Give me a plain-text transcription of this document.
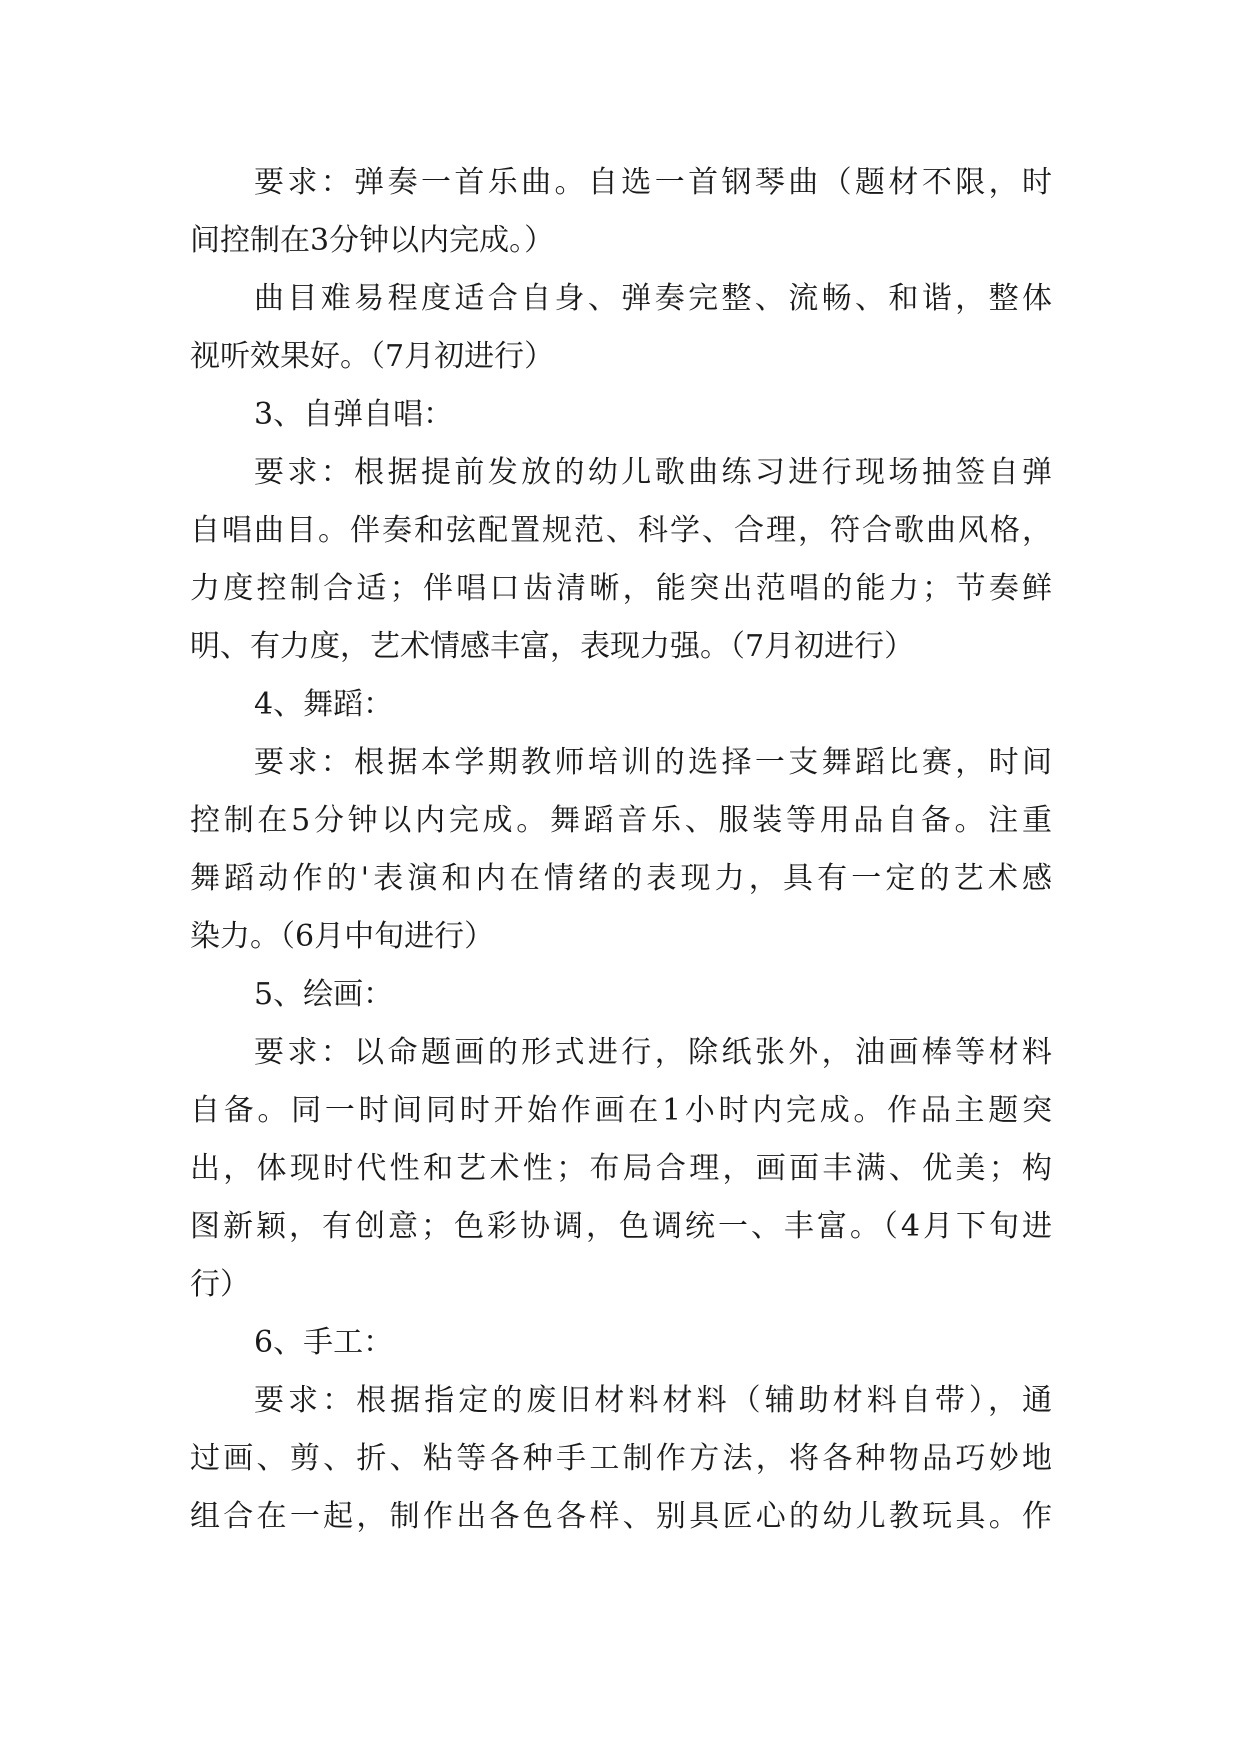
要求：弹奏一首乐曲。自选一首钢琴曲（题材不限，时
间控制在3分钟以内完成。）
曲目难易程度适合自身、弹奏完整、流畅、和谐，整体
视听效果好。（7月初进行）
3、自弹自唱：
要求：根据提前发放的幼儿歌曲练习进行现场抽签自弹
自唱曲目。伴奏和弦配置规范、科学、合理，符合歌曲风格，
力度控制合适；伴唱口齿清晰，能突出范唱的能力；节奏鲜
明、有力度，艺术情感丰富，表现力强。（7月初进行）
4、舞蹈：
要求：根据本学期教师培训的选择一支舞蹈比赛，时间
控制在5分钟以内完成。舞蹈音乐、服装等用品自备。注重
舞蹈动作的'表演和内在情绪的表现力，具有一定的艺术感
染力。（6月中旬进行）
5、绘画：
要求：以命题画的形式进行，除纸张外，油画棒等材料
自备。同一时间同时开始作画在1小时内完成。作品主题突
出，体现时代性和艺术性；布局合理，画面丰满、优美；构
图新颖，有创意；色彩协调，色调统一、丰富。（4月下旬进
行）
6、手工：
要求：根据指定的废旧材料材料（辅助材料自带），通
过画、剪、折、粘等各种手工制作方法，将各种物品巧妙地
组合在一起，制作出各色各样、别具匠心的幼儿教玩具。作
